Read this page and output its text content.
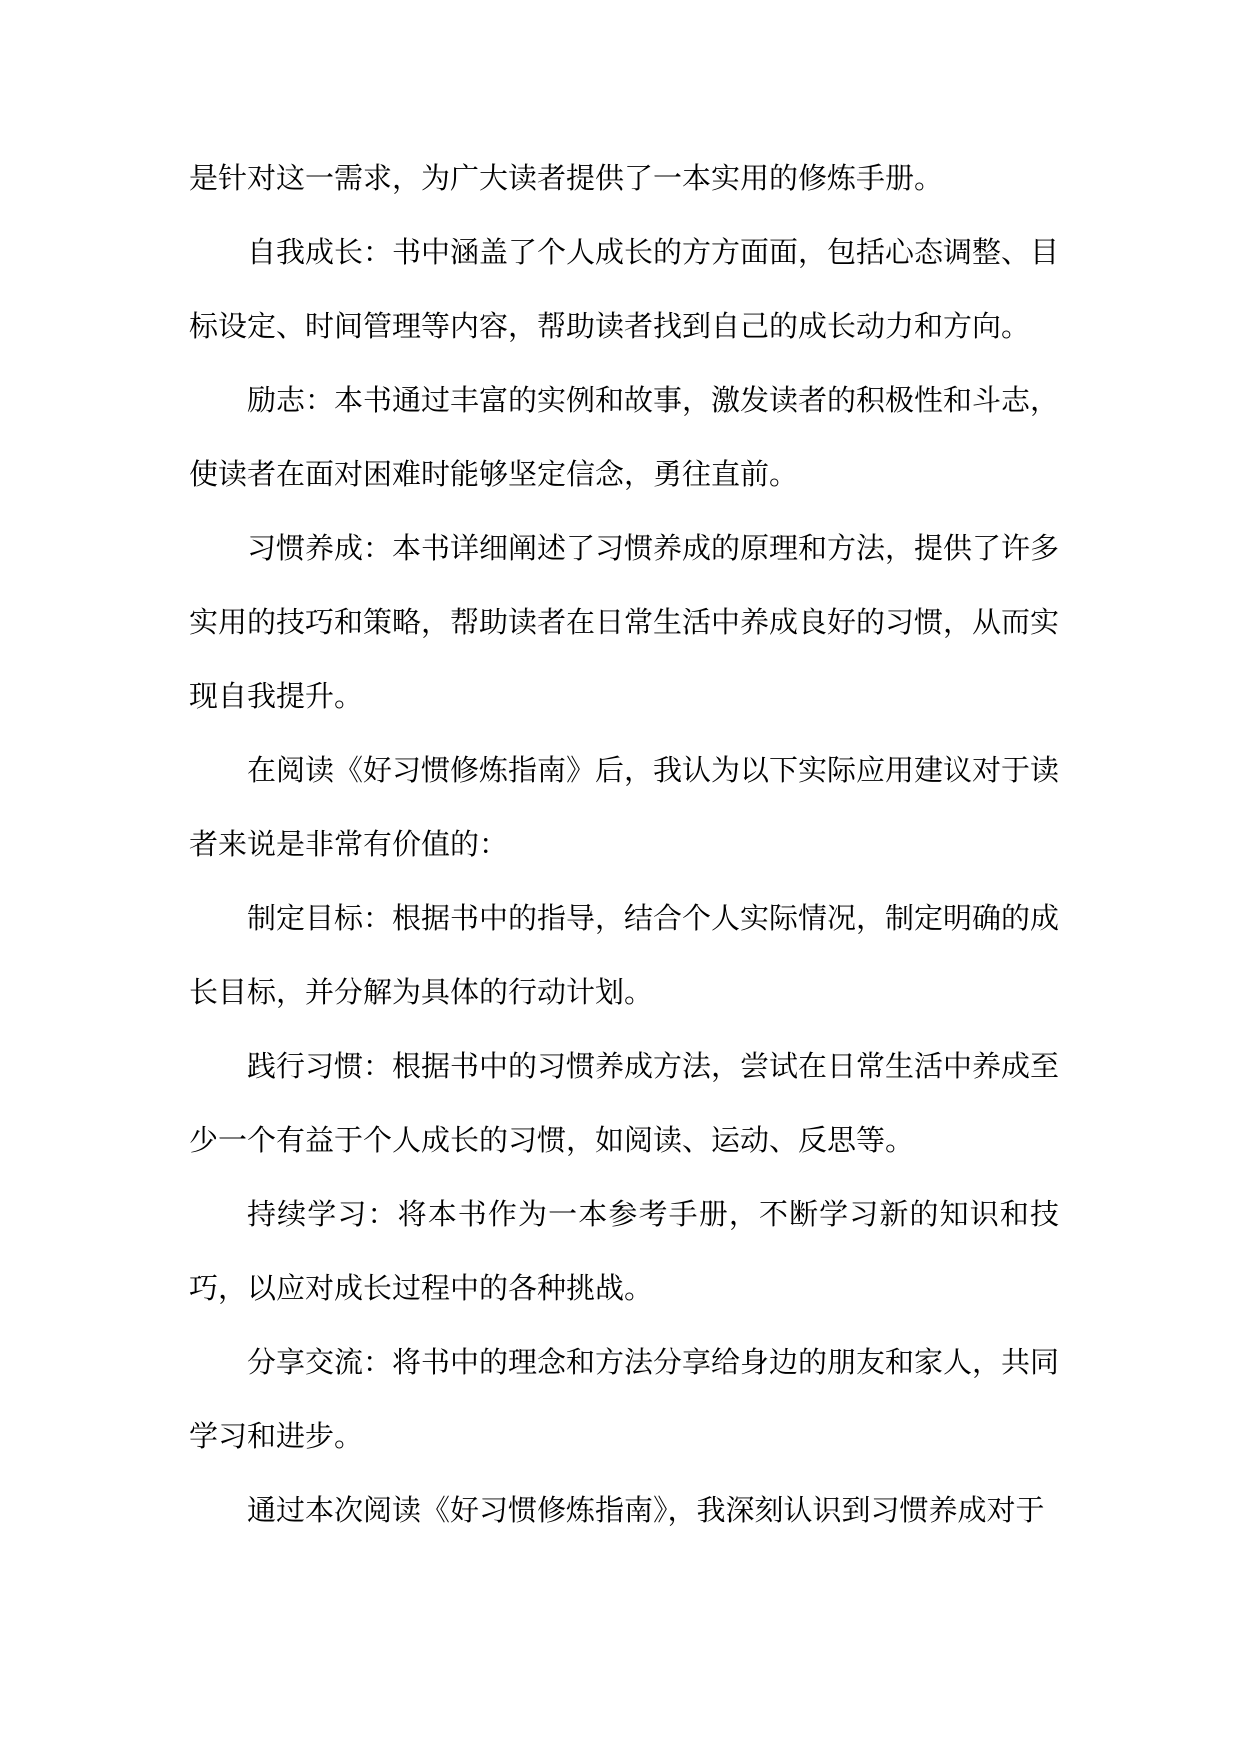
是针对这一需求，为广大读者提供了一本实用的修炼手册。

自我成长：书中涵盖了个人成长的方方面面，包括心态调整、目标设定、时间管理等内容，帮助读者找到自己的成长动力和方向。

励志：本书通过丰富的实例和故事，激发读者的积极性和斗志，使读者在面对困难时能够坚定信念，勇往直前。

习惯养成：本书详细阐述了习惯养成的原理和方法，提供了许多实用的技巧和策略，帮助读者在日常生活中养成良好的习惯，从而实现自我提升。

在阅读《好习惯修炼指南》后，我认为以下实际应用建议对于读者来说是非常有价值的：

制定目标：根据书中的指导，结合个人实际情况，制定明确的成长目标，并分解为具体的行动计划。

践行习惯：根据书中的习惯养成方法，尝试在日常生活中养成至少一个有益于个人成长的习惯，如阅读、运动、反思等。

持续学习：将本书作为一本参考手册，不断学习新的知识和技巧，以应对成长过程中的各种挑战。

分享交流：将书中的理念和方法分享给身边的朋友和家人，共同学习和进步。

通过本次阅读《好习惯修炼指南》，我深刻认识到习惯养成对于
